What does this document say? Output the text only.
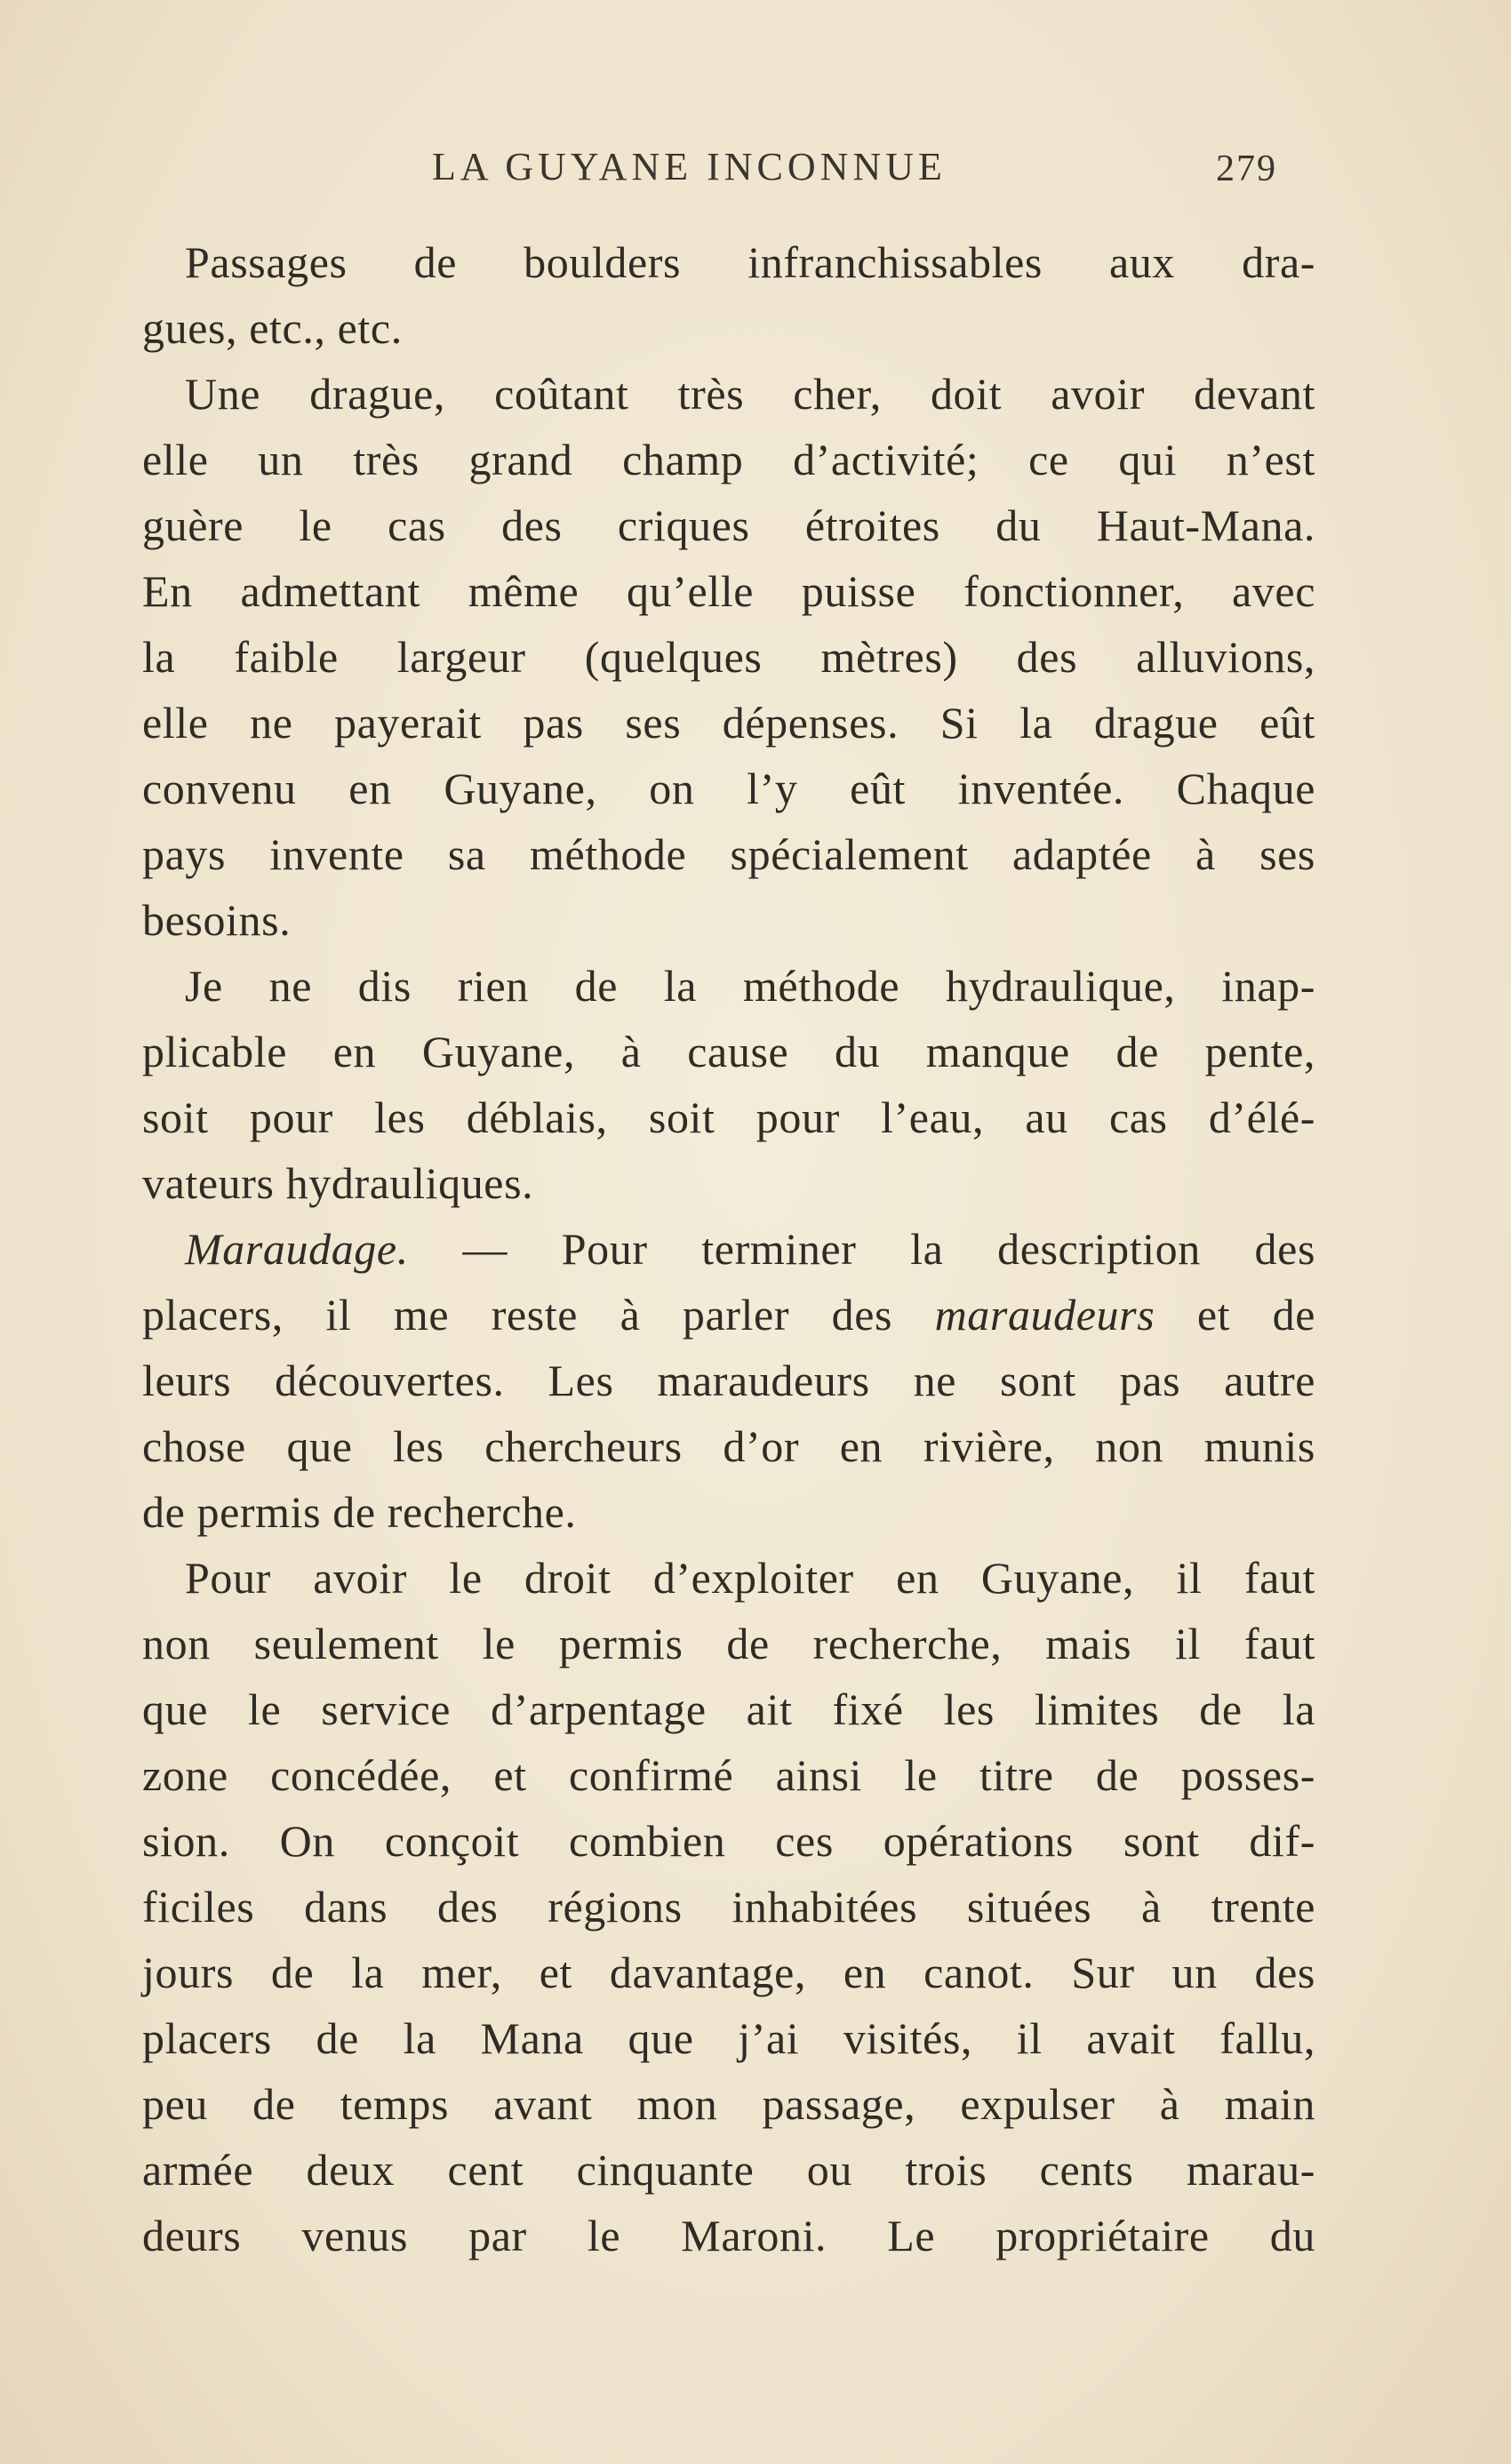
LA GUYANE INCONNUE	279
Passages de boulders infranchissables aux dra-
gues, etc., etc.
Une drague, coûtant très cher, doit avoir devant
elle un très grand champ d’activité; ce qui n’est
guère le cas des criques étroites du Haut-Mana.
En admettant même qu’elle puisse fonctionner, avec
la faible largeur (quelques mètres) des alluvions,
elle ne payerait pas ses dépenses. Si la drague eût
convenu en Guyane, on l’y eût inventée. Chaque
pays invente sa méthode spécialement adaptée à ses
besoins.
Je ne dis rien de la méthode hydraulique, inap-
plicable en Guyane, à cause du manque de pente,
soit pour les déblais, soit pour l’eau, au cas d’élé-
vateurs hydrauliques.
Maraudage. — Pour terminer la description des
placers, il me reste à parler des maraudeurs et de
leurs découvertes. Les maraudeurs ne sont pas autre
chose que les chercheurs d’or en rivière, non munis
de permis de recherche.
Pour avoir le droit d’exploiter en Guyane, il faut
non seulement le permis de recherche, mais il faut
que le service d’arpentage ait fixé les limites de la
zone concédée, et confirmé ainsi le titre de posses-
sion. On conçoit combien ces opérations sont dif-
ficiles dans des régions inhabitées situées à trente
jours de la mer, et davantage, en canot. Sur un des
placers de la Mana que j’ai visités, il avait fallu,
peu de temps avant mon passage, expulser à main
armée deux cent cinquante ou trois cents marau-
deurs venus par le Maroni. Le propriétaire du
